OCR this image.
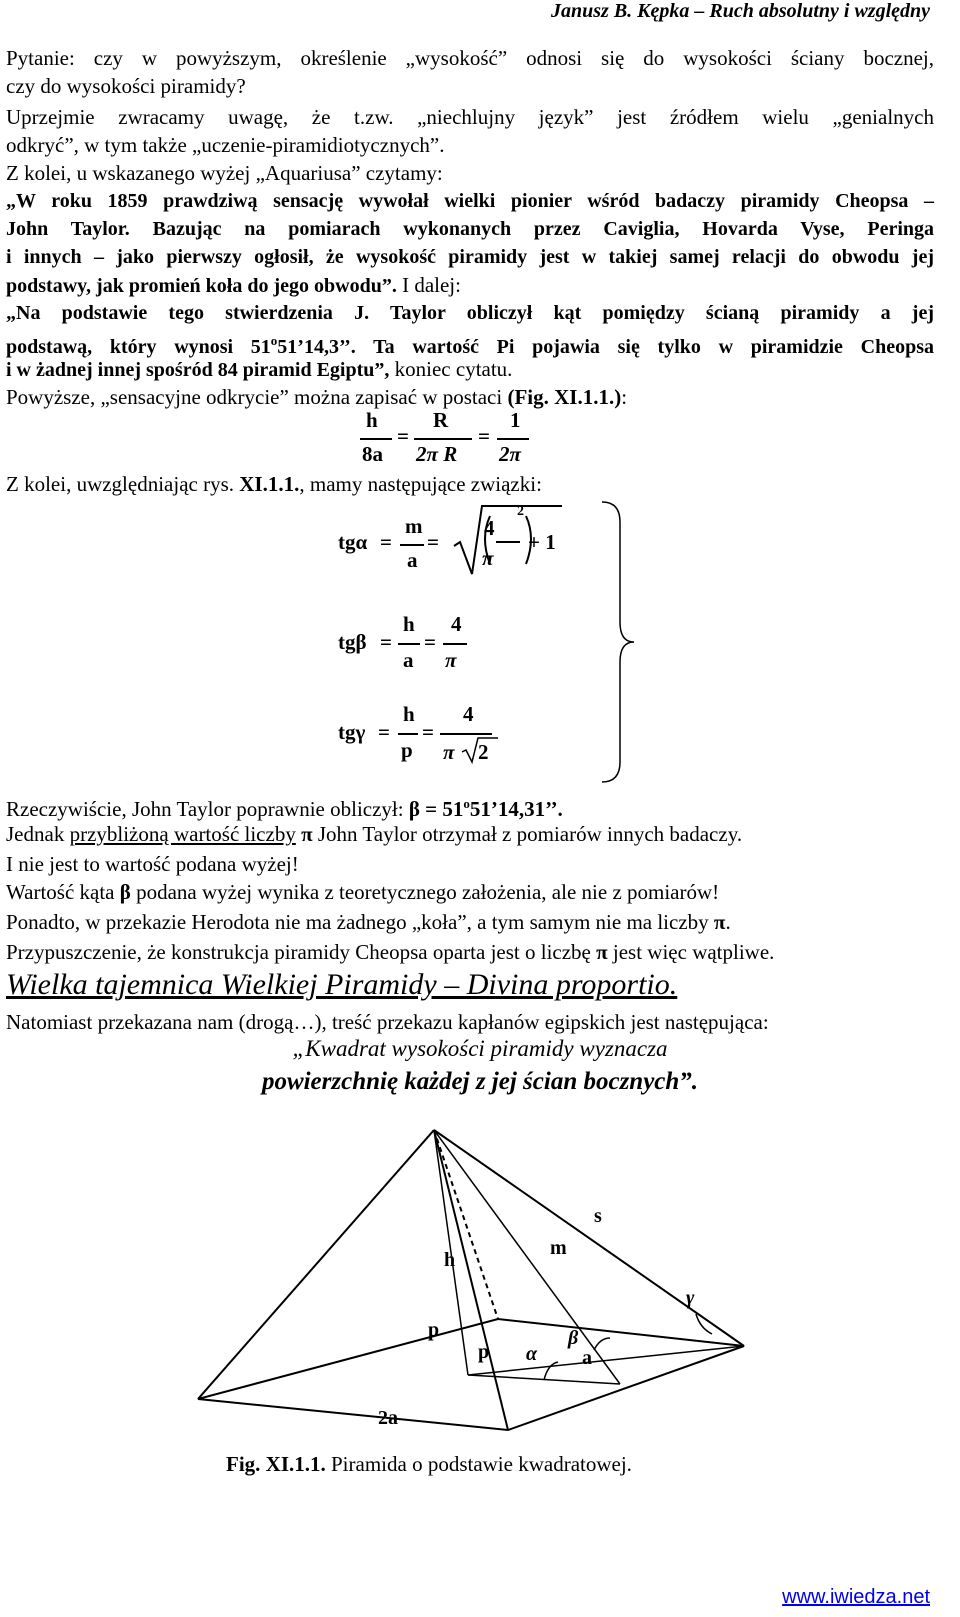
Janusz B. Kępka – Ruch absolutny i względny

Pytanie: czy w powyższym, określenie „wysokość” odnosi się do wysokości ściany bocznej,

czy do wysokości piramidy?

Uprzejmie zwracamy uwagę, że t.zw. „niechlujny język” jest źródłem wielu „genialnych

odkryć”, w tym także „uczenie-piramidiotycznych”.

Z kolei, u wskazanego wyżej „Aquariusa” czytamy:

„W roku 1859 prawdziwą sensację wywołał wielki pionier wśród badaczy piramidy Cheopsa –

John Taylor. Bazując na pomiarach wykonanych przez Caviglia, Hovarda Vyse, Peringa

i innych – jako pierwszy ogłosił, że wysokość piramidy jest w takiej samej relacji do obwodu jej

podstawy, jak promień koła do jego obwodu”. I dalej:

„Na podstawie tego stwierdzenia J. Taylor obliczył kąt pomiędzy ścianą piramidy a jej

podstawą, który wynosi 51$^o$51’14,3’’. Ta wartość Pi pojawia się tylko w piramidzie Cheopsa

i w żadnej innej spośród 84 piramid Egiptu”, koniec cytatu.

Powyższe, „sensacyjne odkrycie” można zapisać w postaci (Fig. XI.1.1.):

h
8a
=
R
2π R
=
1
2π

Z kolei, uwzględniając rys. XI.1.1., mamy następujące związki:

tgα =
m
a
=
4
π
2
+ 1
tgβ =
h
a
=
4
π
tgγ =
h
p
=
4
π 2

Rzeczywiście, John Taylor poprawnie obliczył: $\beta = 51^o51’14,31$’’.

Jednak przybliżoną wartość liczby π John Taylor otrzymał z pomiarów innych badaczy.

I nie jest to wartość podana wyżej!

Wartość kąta β podana wyżej wynika z teoretycznego założenia, ale nie z pomiarów!

Ponadto, w przekazie Herodota nie ma żadnego „koła”, a tym samym nie ma liczby π.

Przypuszczenie, że konstrukcja piramidy Cheopsa oparta jest o liczbę π jest więc wątpliwe.

Wielka tajemnica Wielkiej Piramidy – Divina proportio.

Natomiast przekazana nam (drogą…), treść przekazu kapłanów egipskich jest następująca:

„Kwadrat wysokości piramidy wyznacza
powierzchnię każdej z jej ścian bocznych”.
s
h
m
γ
p	β
p α a
2a

Fig. XI.1.1. Piramida o podstawie kwadratowej.

www.iwiedza.net
